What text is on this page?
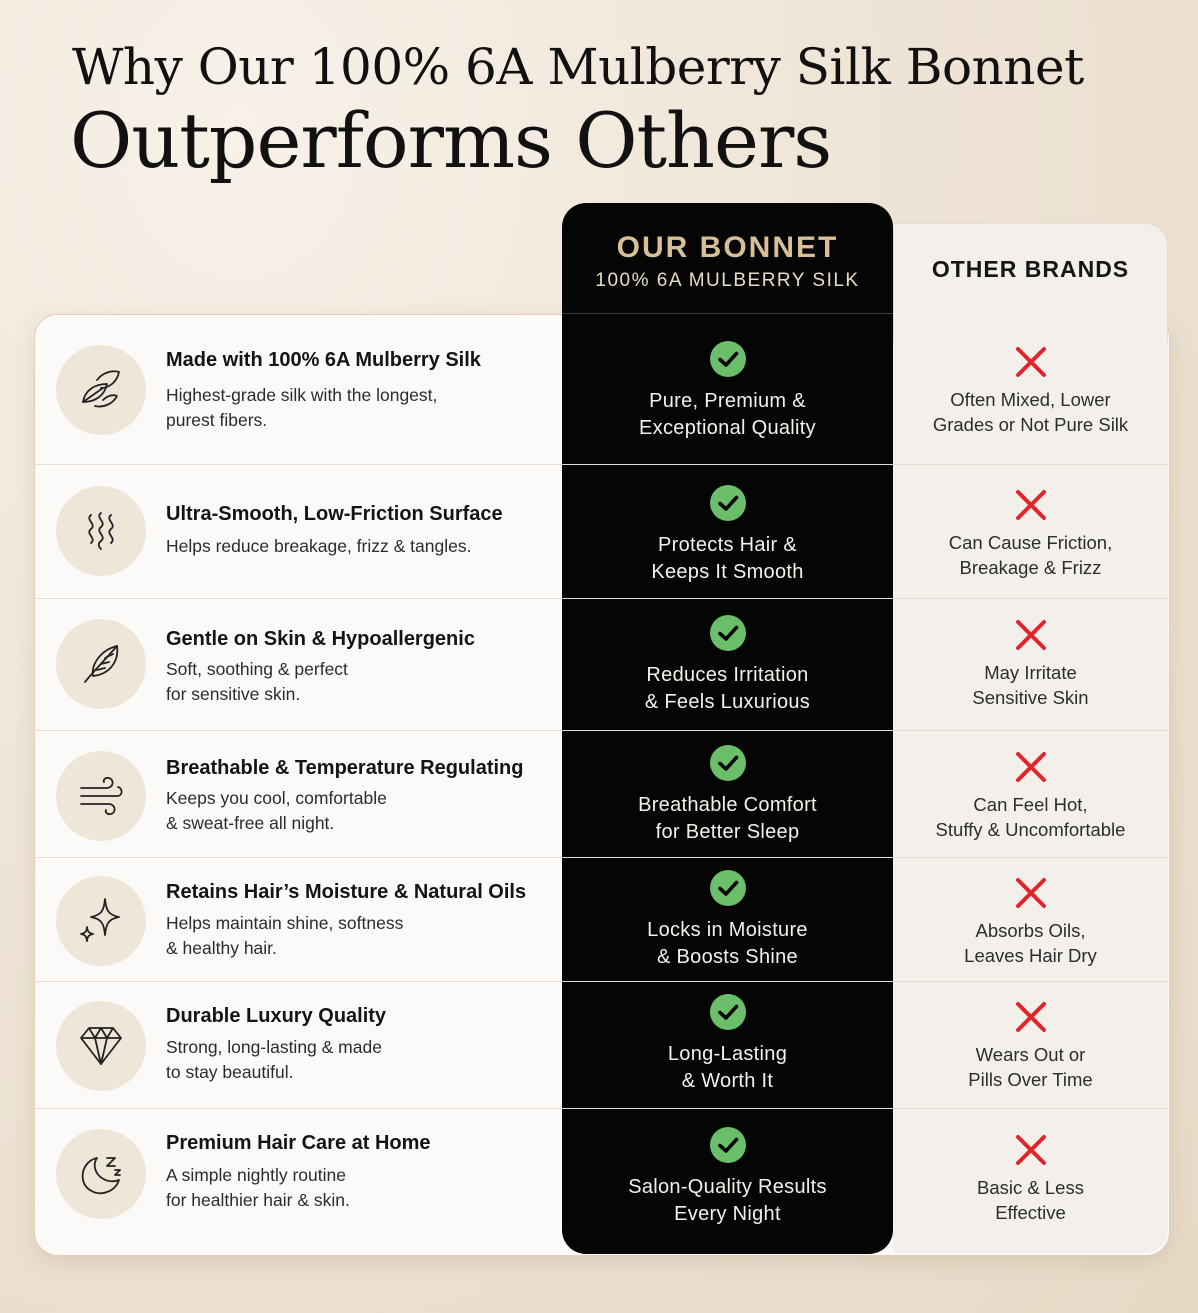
Why Our 100% 6A Mulberry Silk Bonnet
Outperforms Others
OTHER BRANDS
OUR BONNET
100% 6A MULBERRY SILK
Made with 100% 6A Mulberry Silk
Highest-grade silk with the longest,
purest fibers.
Pure, Premium &
Exceptional Quality
Often Mixed, Lower
Grades or Not Pure Silk
Ultra-Smooth, Low-Friction Surface
Helps reduce breakage, frizz & tangles.	Protects Hair &
Keeps It Smooth
Can Cause Friction,
Breakage & Frizz
Gentle on Skin & Hypoallergenic
Soft, soothing & perfect
for sensitive skin.
Reduces Irritation
& Feels Luxurious
May Irritate
Sensitive Skin
Breathable & Temperature Regulating
Keeps you cool, comfortable
& sweat-free all night.
Breathable Comfort
for Better Sleep
Can Feel Hot,
Stuffy & Uncomfortable
Retains Hair’s Moisture & Natural Oils
Helps maintain shine, softness
& healthy hair.
Locks in Moisture
& Boosts Shine
Absorbs Oils,
Leaves Hair Dry
Durable Luxury Quality
Strong, long-lasting & made
to stay beautiful.
Long-Lasting
& Worth It
Wears Out or
Pills Over Time
Premium Hair Care at Home
A simple nightly routine
for healthier hair & skin.
Salon-Quality Results
Every Night
Basic & Less
Effective
